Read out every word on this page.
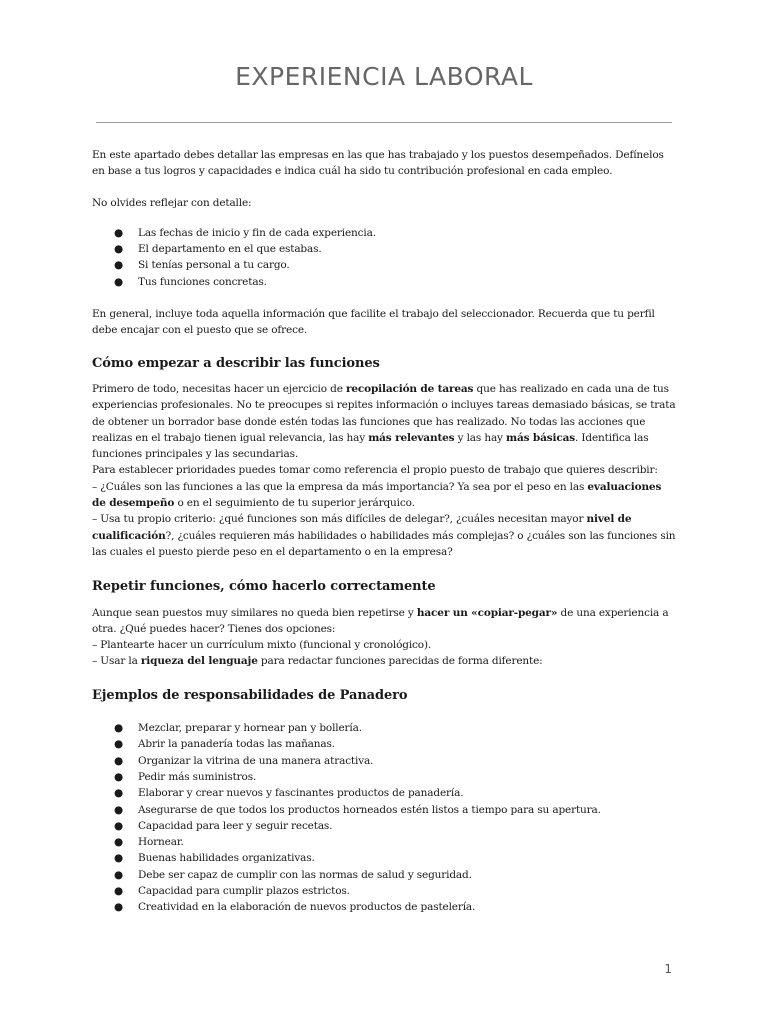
EXPERIENCIA LABORAL

En este apartado debes detallar las empresas en las que has trabajado y los puestos desempeñados. Defínelos en base a tus logros y capacidades e indica cuál ha sido tu contribución profesional en cada empleo.

No olvides reflejar con detalle:

● Las fechas de inicio y fin de cada experiencia.
● El departamento en el que estabas.
● Si tenías personal a tu cargo.
● Tus funciones concretas.

En general, incluye toda aquella información que facilite el trabajo del seleccionador. Recuerda que tu perfil debe encajar con el puesto que se ofrece.

Cómo empezar a describir las funciones

Primero de todo, necesitas hacer un ejercicio de recopilación de tareas que has realizado en cada una de tus experiencias profesionales. No te preocupes si repites información o incluyes tareas demasiado básicas, se trata de obtener un borrador base donde estén todas las funciones que has realizado. No todas las acciones que realizas en el trabajo tienen igual relevancia, las hay más relevantes y las hay más básicas. Identifica las funciones principales y las secundarias.

Para establecer prioridades puedes tomar como referencia el propio puesto de trabajo que quieres describir:

– ¿Cuáles son las funciones a las que la empresa da más importancia? Ya sea por el peso en las evaluaciones de desempeño o en el seguimiento de tu superior jerárquico.

– Usa tu propio criterio: ¿qué funciones son más difíciles de delegar?, ¿cuáles necesitan mayor nivel de cualificación?, ¿cuáles requieren más habilidades o habilidades más complejas? o ¿cuáles son las funciones sin las cuales el puesto pierde peso en el departamento o en la empresa?

Repetir funciones, cómo hacerlo correctamente

Aunque sean puestos muy similares no queda bien repetirse y hacer un «copiar-pegar» de una experiencia a otra. ¿Qué puedes hacer? Tienes dos opciones:

– Plantearte hacer un currículum mixto (funcional y cronológico).

– Usar la riqueza del lenguaje para redactar funciones parecidas de forma diferente:

Ejemplos de responsabilidades de Panadero
● Mezclar, preparar y hornear pan y bollería.
● Abrir la panadería todas las mañanas.
● Organizar la vitrina de una manera atractiva.
● Pedir más suministros.
● Elaborar y crear nuevos y fascinantes productos de panadería.
● Asegurarse de que todos los productos horneados estén listos a tiempo para su apertura.
● Capacidad para leer y seguir recetas.
● Hornear.
● Buenas habilidades organizativas.
● Debe ser capaz de cumplir con las normas de salud y seguridad.
● Capacidad para cumplir plazos estrictos.
● Creatividad en la elaboración de nuevos productos de pastelería.
1
